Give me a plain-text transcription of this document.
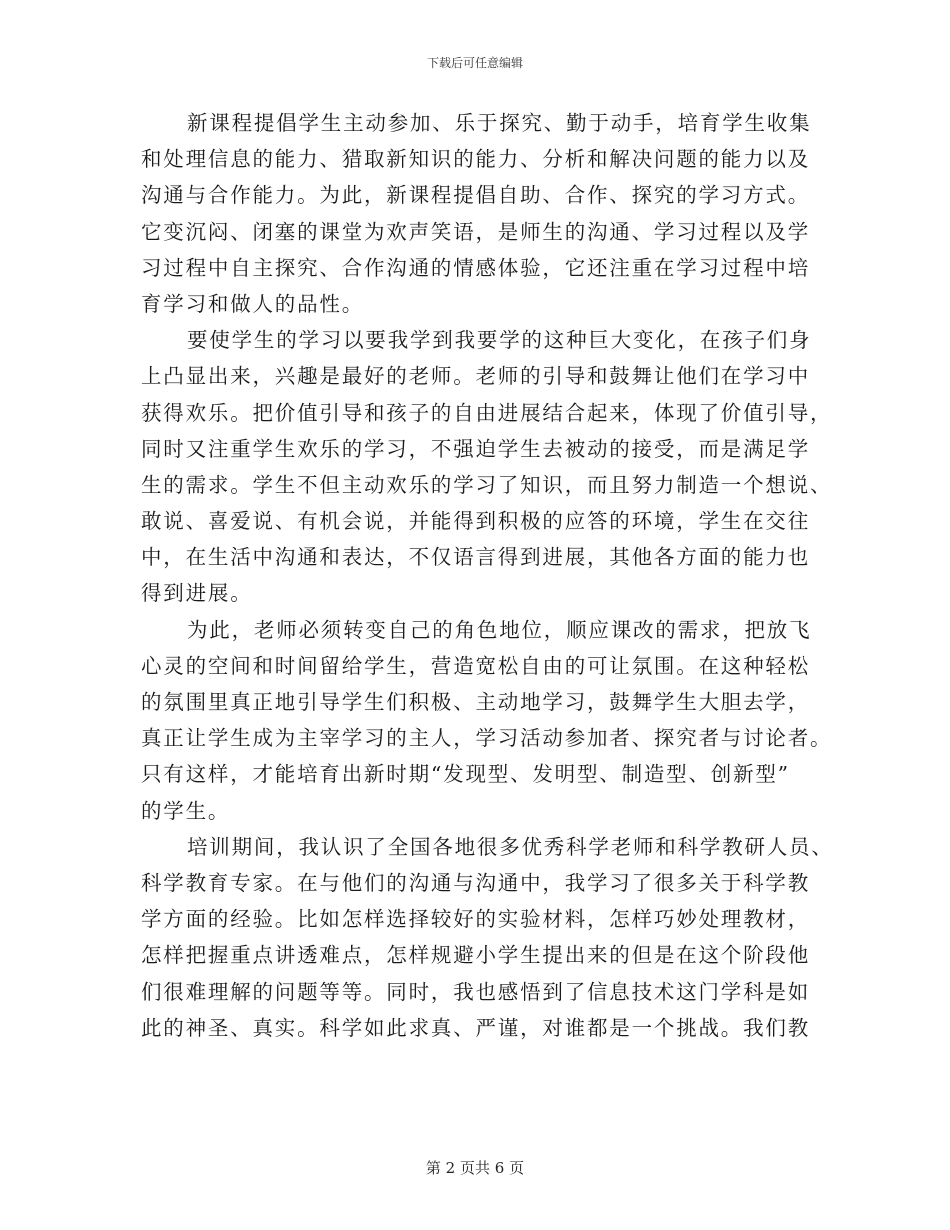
下载后可任意编辑
新课程提倡学生主动参加、乐于探究、勤于动手，培育学生收集
和处理信息的能力、猎取新知识的能力、分析和解决问题的能力以及
沟通与合作能力。为此，新课程提倡自助、合作、探究的学习方式。
它变沉闷、闭塞的课堂为欢声笑语，是师生的沟通、学习过程以及学
习过程中自主探究、合作沟通的情感体验，它还注重在学习过程中培
育学习和做人的品性。
要使学生的学习以要我学到我要学的这种巨大变化，在孩子们身
上凸显出来，兴趣是最好的老师。老师的引导和鼓舞让他们在学习中
获得欢乐。把价值引导和孩子的自由进展结合起来，体现了价值引导，
同时又注重学生欢乐的学习，不强迫学生去被动的接受，而是满足学
生的需求。学生不但主动欢乐的学习了知识，而且努力制造一个想说、
敢说、喜爱说、有机会说，并能得到积极的应答的环境，学生在交往
中，在生活中沟通和表达，不仅语言得到进展，其他各方面的能力也
得到进展。
为此，老师必须转变自己的角色地位，顺应课改的需求，把放飞
心灵的空间和时间留给学生，营造宽松自由的可让氛围。在这种轻松
的氛围里真正地引导学生们积极、主动地学习，鼓舞学生大胆去学，
真正让学生成为主宰学习的主人，学习活动参加者、探究者与讨论者。
只有这样，才能培育出新时期“发现型、发明型、制造型、创新型”
的学生。
培训期间，我认识了全国各地很多优秀科学老师和科学教研人员、
科学教育专家。在与他们的沟通与沟通中，我学习了很多关于科学教
学方面的经验。比如怎样选择较好的实验材料，怎样巧妙处理教材，
怎样把握重点讲透难点，怎样规避小学生提出来的但是在这个阶段他
们很难理解的问题等等。同时，我也感悟到了信息技术这门学科是如
此的神圣、真实。科学如此求真、严谨，对谁都是一个挑战。我们教
第 2 页共 6 页
